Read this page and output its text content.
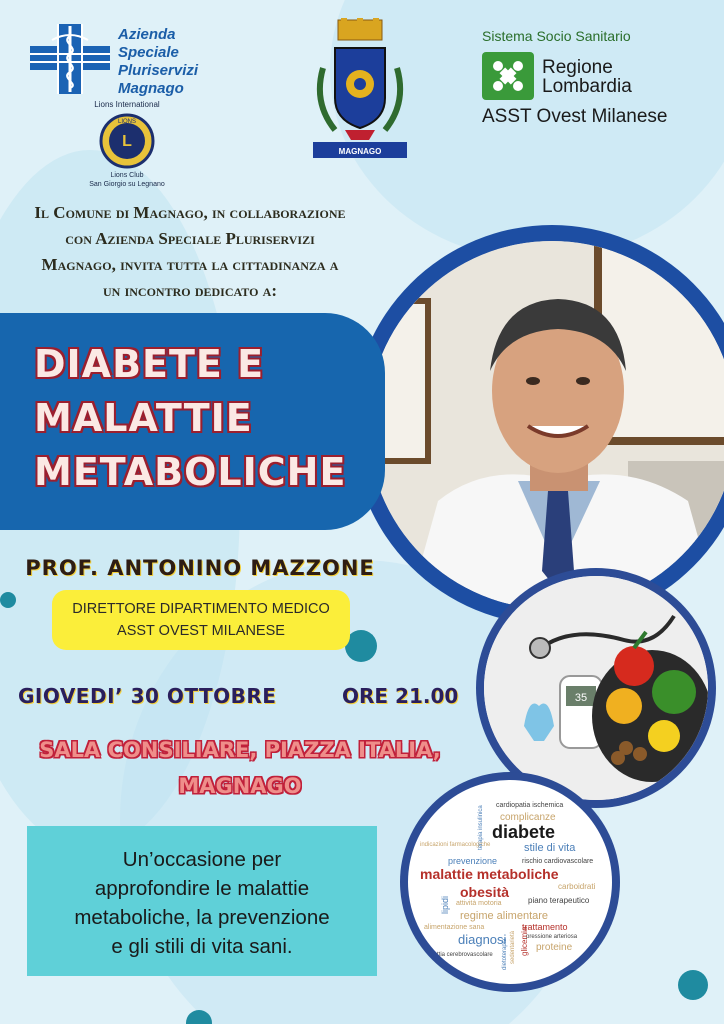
Azienda
Speciale
Pluriservizi
Magnago
Lions International
L
LIONS
Lions Club
San Giorgio su Legnano
MAGNAGO
Sistema Socio Sanitario
Regione
Lombardia
ASST Ovest Milanese
Il Comune di Magnago, in collaborazione
con Azienda Speciale Pluriservizi
Magnago, invita tutta la cittadinanza a
un incontro dedicato a:
DIABETE E
MALATTIE
METABOLICHE
PROF. ANTONINO MAZZONE
DIRETTORE DIPARTIMENTO MEDICO
ASST OVEST MILANESE
GIOVEDI’ 30 OTTOBRE	ORE 21.00
SALA CONSILIARE, PIAZZA ITALIA,
MAGNAGO
Un’occasione per
approfondire le malattie
metaboliche, la prevenzione
e gli stili di vita sani.
35
cardiopatia ischemica
complicanze
diabete
indicazioni farmacologiche	stile di vita
prevenzione	rischio cardiovascolare
malattie metaboliche
obesità	carboidrati
attività motoria	piano terapeutico
regime alimentare
alimentazione sana	trattamento
diagnosi	pressione arteriosa
proteine
malattia cerebrovascolare	glicemia
sedentarietà
dietoterapia
terapia insulinica
lipidi
